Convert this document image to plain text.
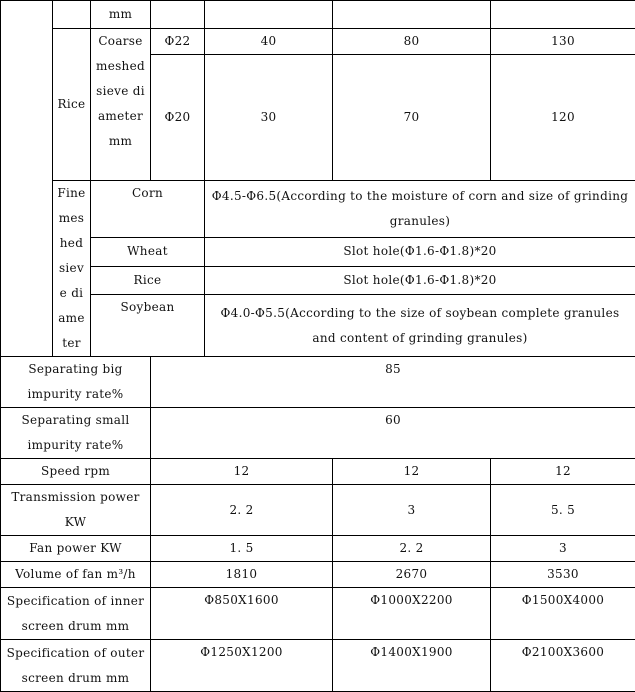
		mm				
	Rice	Coarse meshed sieve diameter mm	Φ22	40	80	130
			Φ20	30	70	120
	Fine meshed sieve diameter	Corn		Φ4.5-Φ6.5(According to the moisture of corn and size of grinding granules)		
		Wheat		Slot hole(Φ1.6-Φ1.8)*20		
		Rice		Slot hole(Φ1.6-Φ1.8)*20		
		Soybean		Φ4.0-Φ5.5(According to the size of soybean complete granules and content of grinding granules)		
Separating big impurity rate%			85			
Separating small impurity rate%			60			
Speed rpm			12		12	12
Transmission power KW			2. 2		3	5. 5
Fan power KW			1. 5		2. 2	3
Volume of fan m³/h			1810		2670	3530
Specification of inner screen drum mm			Φ850X1600		Φ1000X2200	Φ1500X4000
Specification of outer screen drum mm			Φ1250X1200		Φ1400X1900	Φ2100X3600
